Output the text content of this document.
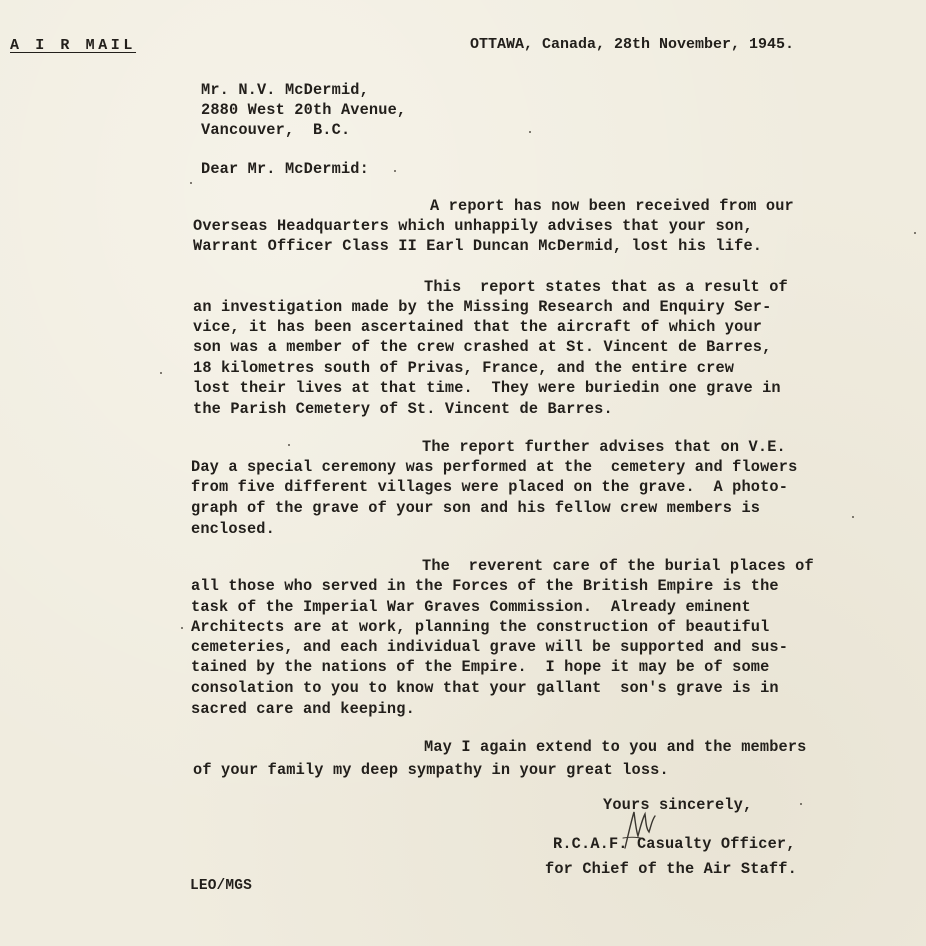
A I R MAIL	OTTAWA, Canada, 28th November, 1945.
Mr. N.V. McDermid,
2880 West 20th Avenue,
Vancouver,  B.C.
Dear Mr. McDermid:
A report has now been received from our
Overseas Headquarters which unhappily advises that your son,
Warrant Officer Class II Earl Duncan McDermid, lost his life.
This  report states that as a result of
an investigation made by the Missing Research and Enquiry Ser-
vice, it has been ascertained that the aircraft of which your
son was a member of the crew crashed at St. Vincent de Barres,
18 kilometres south of Privas, France, and the entire crew
lost their lives at that time.  They were buriedin one grave in
the Parish Cemetery of St. Vincent de Barres.
The report further advises that on V.E.
Day a special ceremony was performed at the  cemetery and flowers
from five different villages were placed on the grave.  A photo-
graph of the grave of your son and his fellow crew members is
enclosed.
The  reverent care of the burial places of
all those who served in the Forces of the British Empire is the
task of the Imperial War Graves Commission.  Already eminent
Architects are at work, planning the construction of beautiful
cemeteries, and each individual grave will be supported and sus-
tained by the nations of the Empire.  I hope it may be of some
consolation to you to know that your gallant  son's grave is in
sacred care and keeping.
May I again extend to you and the members
of your family my deep sympathy in your great loss.
Yours sincerely,
R.C.A.F. Casualty Officer,
for Chief of the Air Staff.
LEO/MGS
